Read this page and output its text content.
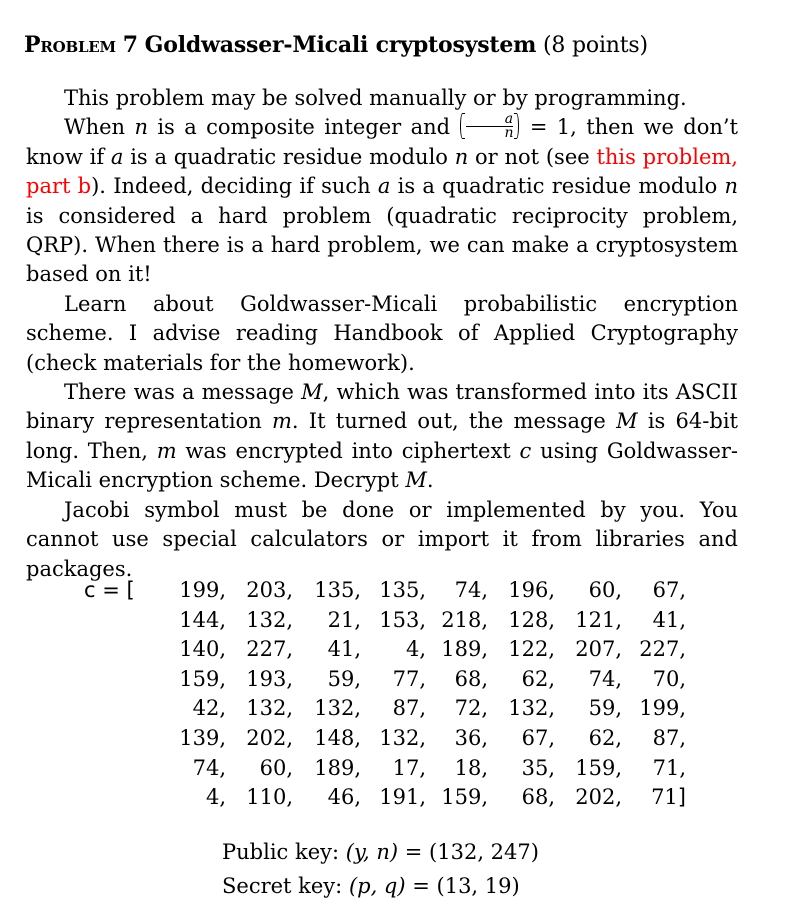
Problem 7 Goldwasser-Micali cryptosystem (8 points)

This problem may be solved manually or by programming.

When n is a composite integer and $\frac{a}{n} = 1$, then we don’t know if a is a quadratic residue modulo n or not (see this problem, part b). Indeed, deciding if such a is a quadratic residue modulo n is considered a hard problem (quadratic reciprocity problem, QRP). When there is a hard problem, we can make a cryptosystem based on it!

Learn about Goldwasser-Micali probabilistic encryption scheme. I advise reading Handbook of Applied Cryptography (check materials for the homework).

There was a message M, which was transformed into its ASCII binary representation m. It turned out, the message M is 64-bit long. Then, m was encrypted into ciphertext c using Goldwasser-Micali encryption scheme. Decrypt M.

Jacobi symbol must be done or implemented by you. You cannot use special calculators or import it from libraries and packages.

c = [	199, 203,	135, 135,	74, 196,	60,	67,
144, 132,	21, 153, 218, 128, 121,	41,
140, 227,	41,	4, 189, 122, 207, 227,
159, 193,	59,	77,	68,	62,	74,	70,
42, 132,	132,	87,	72, 132,	59, 199,
139, 202,	148, 132,	36,	67,	62,	87,
74,	60,	189,	17,	18,	35, 159,	71,
4, 110,	46, 191, 159,	68, 202,	71]
Public key: (y, n) = (132, 247)
Secret key: (p, q) = (13, 19)
